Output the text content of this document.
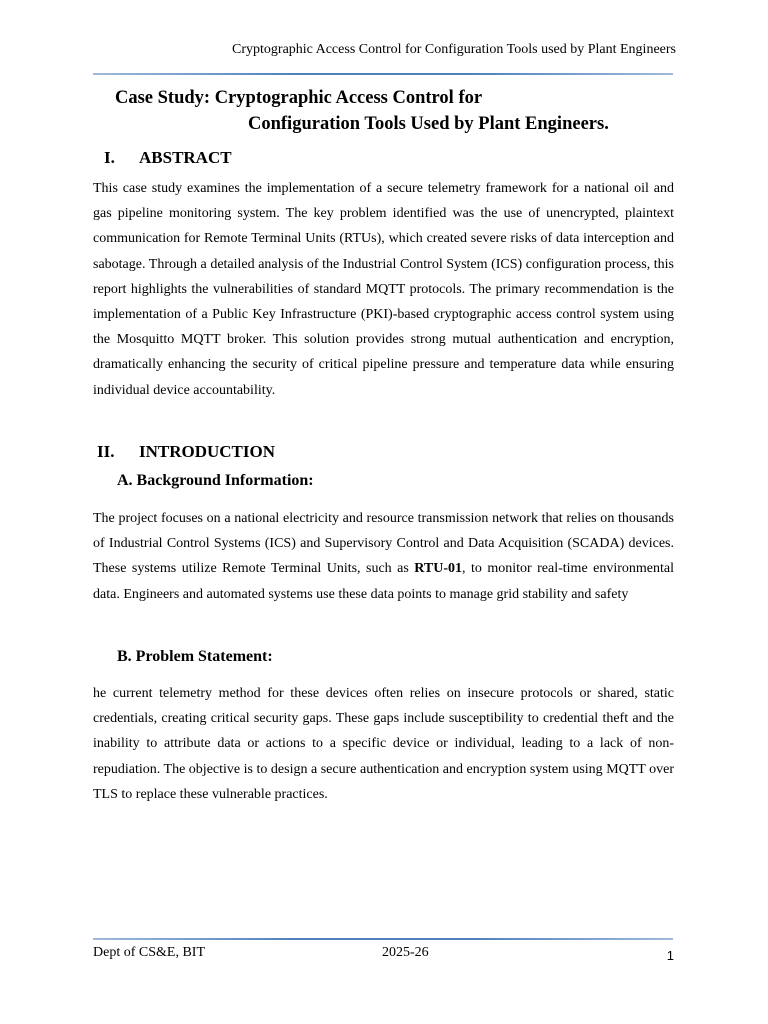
Cryptographic Access Control for Configuration Tools used by Plant Engineers
Case Study: Cryptographic Access Control for
Configuration Tools Used by Plant Engineers.
I. ABSTRACT
This case study examines the implementation of a secure telemetry framework for a national oil and gas pipeline monitoring system. The key problem identified was the use of unencrypted, plaintext communication for Remote Terminal Units (RTUs), which created severe risks of data interception and sabotage. Through a detailed analysis of the Industrial Control System (ICS) configuration process, this report highlights the vulnerabilities of standard MQTT protocols. The primary recommendation is the implementation of a Public Key Infrastructure (PKI)-based cryptographic access control system using the Mosquitto MQTT broker. This solution provides strong mutual authentication and encryption, dramatically enhancing the security of critical pipeline pressure and temperature data while ensuring individual device accountability.
II. INTRODUCTION
A. Background Information:
The project focuses on a national electricity and resource transmission network that relies on thousands of Industrial Control Systems (ICS) and Supervisory Control and Data Acquisition (SCADA) devices. These systems utilize Remote Terminal Units, such as RTU-01, to monitor real-time environmental data. Engineers and automated systems use these data points to manage grid stability and safety
B. Problem Statement:
he current telemetry method for these devices often relies on insecure protocols or shared, static credentials, creating critical security gaps. These gaps include susceptibility to credential theft and the inability to attribute data or actions to a specific device or individual, leading to a lack of non-repudiation. The objective is to design a secure authentication and encryption system using MQTT over TLS to replace these vulnerable practices.
Dept of CS&E, BIT	2025-26	1
